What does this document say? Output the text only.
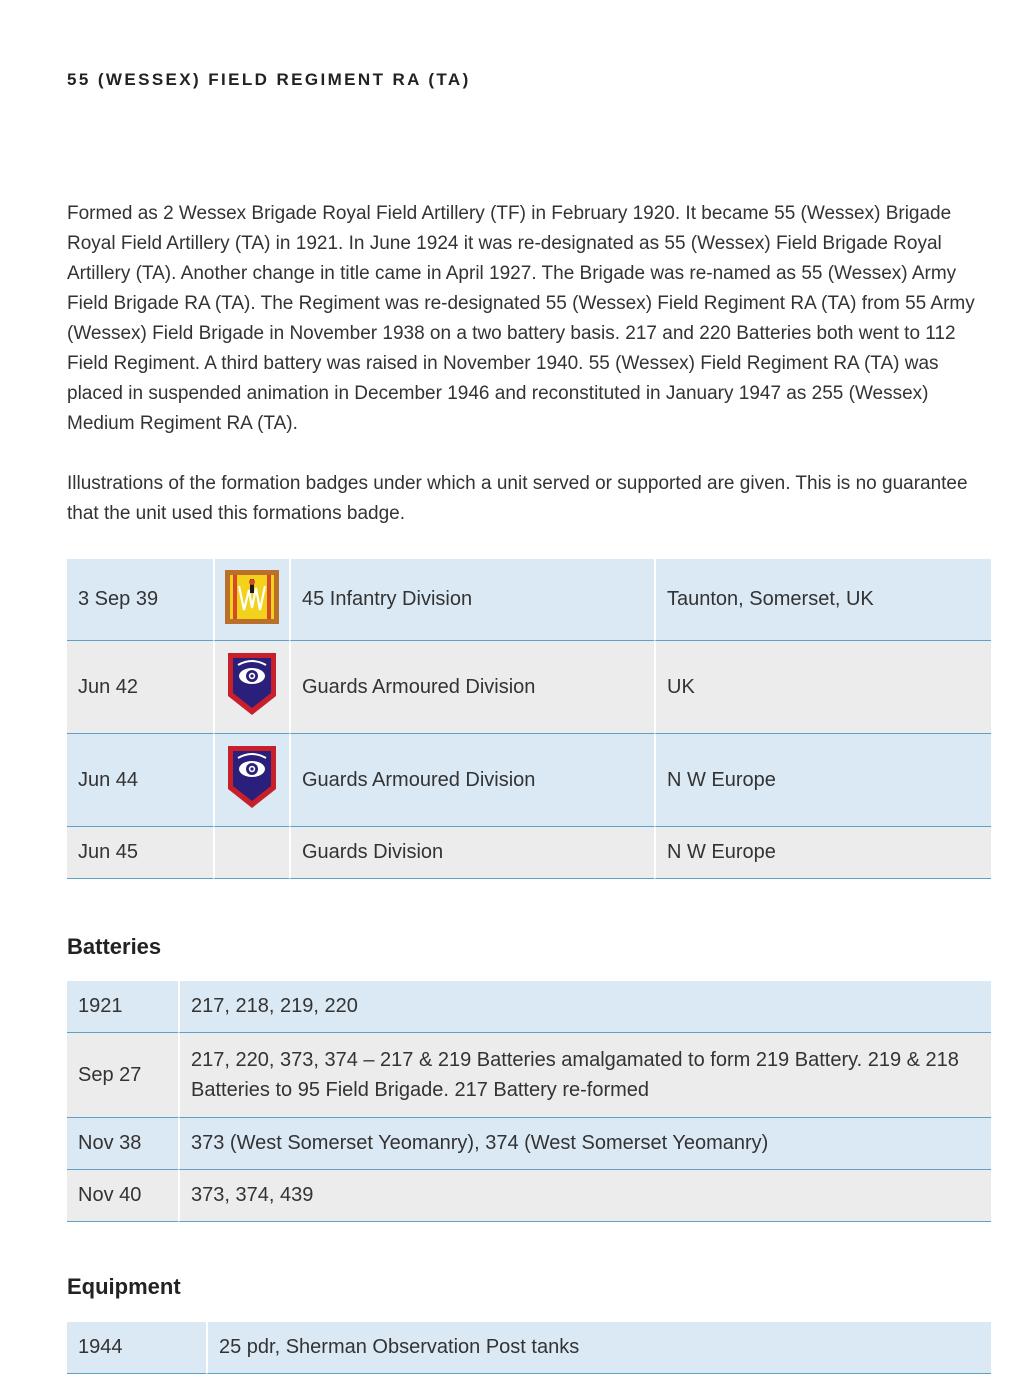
55 (WESSEX) FIELD REGIMENT RA (TA)

Formed as 2 Wessex Brigade Royal Field Artillery (TF) in February 1920. It became 55 (Wessex) Brigade Royal Field Artillery (TA) in 1921. In June 1924 it was re-designated as 55 (Wessex) Field Brigade Royal Artillery (TA). Another change in title came in April 1927. The Brigade was re-named as 55 (Wessex) Army Field Brigade RA (TA). The Regiment was re-designated 55 (Wessex) Field Regiment RA (TA) from 55 Army (Wessex) Field Brigade in November 1938 on a two battery basis. 217 and 220 Batteries both went to 112 Field Regiment. A third battery was raised in November 1940. 55 (Wessex) Field Regiment RA (TA) was placed in suspended animation in December 1946 and reconstituted in January 1947 as 255 (Wessex) Medium Regiment RA (TA).

Illustrations of the formation badges under which a unit served or supported are given. This is no guarantee that the unit used this formations badge.

3 Sep 39		45 Infantry Division	Taunton, Somerset, UK
Jun 42		Guards Armoured Division	UK
Jun 44		Guards Armoured Division	N W Europe
Jun 45		Guards Division	N W Europe
Batteries
1921	217, 218, 219, 220
Sep 27	217, 220, 373, 374 – 217 & 219 Batteries amalgamated to form 219 Battery. 219 & 218 Batteries to 95 Field Brigade. 217 Battery re-formed
Nov 38	373 (West Somerset Yeomanry), 374 (West Somerset Yeomanry)
Nov 40	373, 374, 439
Equipment
1944	25 pdr, Sherman Observation Post tanks
